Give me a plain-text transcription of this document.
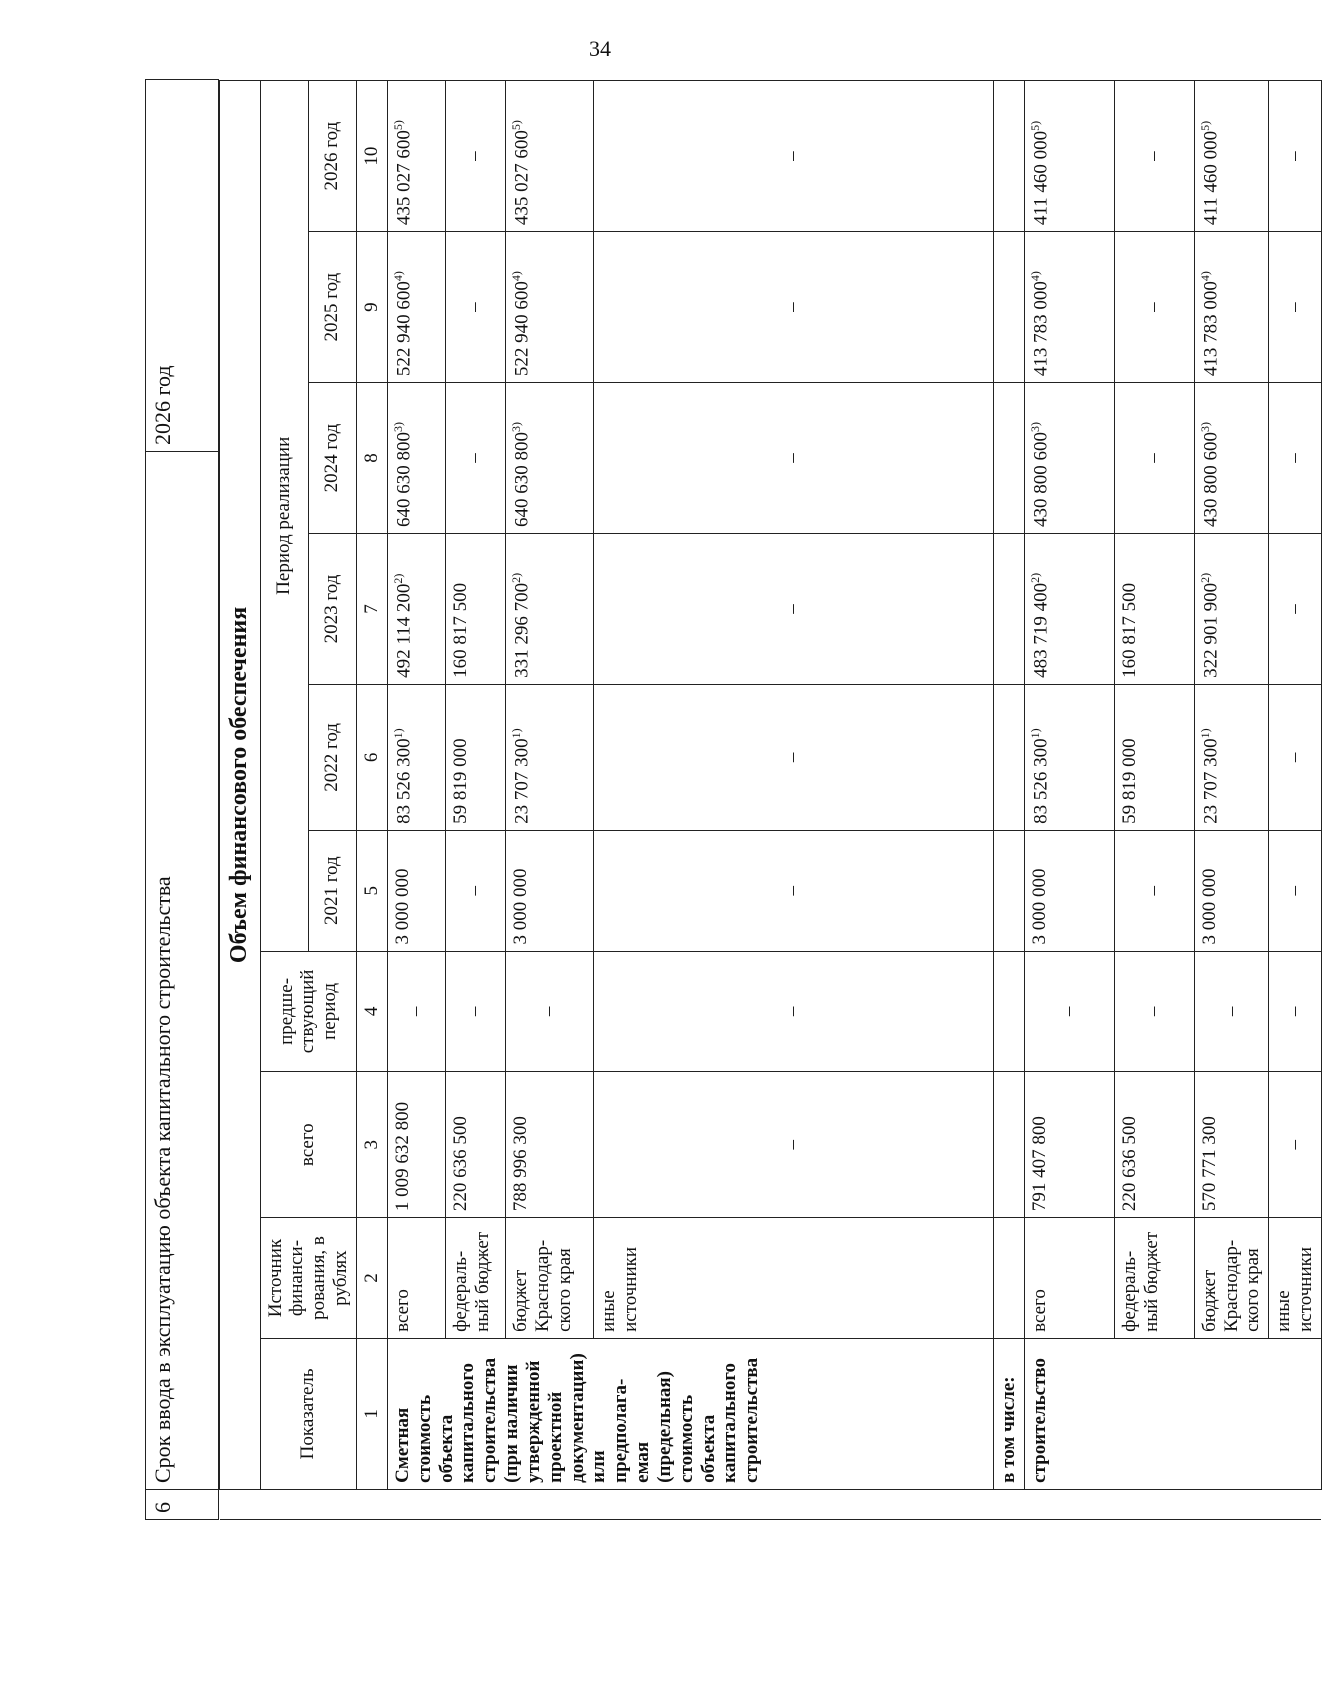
34
6	Срок ввода в эксплуатацию объекта капитального строительства	2026 год
	Объем финансового обеспечения									
	Показатель	Источник финанси-рования, в рублях	всего	предше-ствующий период	Период реализации					
					2021 год	2022 год	2023 год	2024 год	2025 год	2026 год
	1	2	3	4	5	6	7	8	9	10
	Сметная стоимость объекта капитального строительства (при наличии утвержденной проектной документации) или предполага-емая (предельная) стоимость объекта капитального строительства	всего	1 009 632 800	–	3 000 000	83 526 300$^{1)}$	492 114 200$^{2)}$	640 630 800$^{3)}$	522 940 600$^{4)}$	435 027 600$^{5)}$
		федераль-ный бюджет	220 636 500	–	–	59 819 000	160 817 500	–	–	–
		бюджет Краснодар-ского края	788 996 300	–	3 000 000	23 707 300$^{1)}$	331 296 700$^{2)}$	640 630 800$^{3)}$	522 940 600$^{4)}$	435 027 600$^{5)}$
		иные источники	–	–	–	–	–	–	–	–
	в том числе:									
	строительство	всего	791 407 800	–	3 000 000	83 526 300$^{1)}$	483 719 400$^{2)}$	430 800 600$^{3)}$	413 783 000$^{4)}$	411 460 000$^{5)}$
		федераль-ный бюджет	220 636 500	–	–	59 819 000	160 817 500	–	–	–
		бюджет Краснодар-ского края	570 771 300	–	3 000 000	23 707 300$^{1)}$	322 901 900$^{2)}$	430 800 600$^{3)}$	413 783 000$^{4)}$	411 460 000$^{5)}$
		иные источники	–	–	–	–	–	–	–	–
